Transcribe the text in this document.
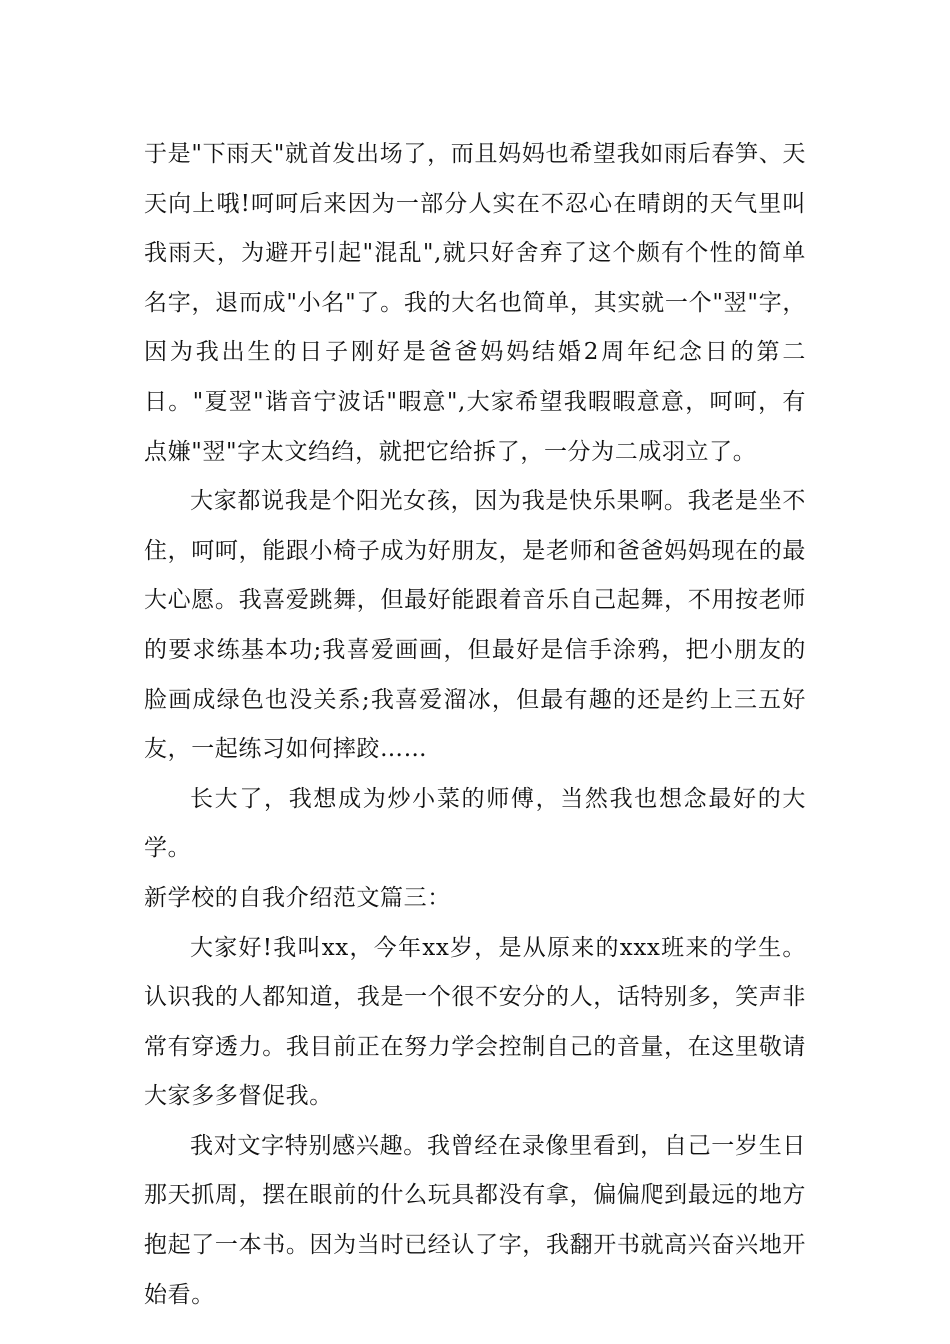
于是"下雨天"就首发出场了，而且妈妈也希望我如雨后春笋、天天向上哦!呵呵后来因为一部分人实在不忍心在晴朗的天气里叫我雨天，为避开引起"混乱",就只好舍弃了这个颇有个性的简单名字，退而成"小名"了。我的大名也简单，其实就一个"翌"字，因为我出生的日子刚好是爸爸妈妈结婚2周年纪念日的第二日。"夏翌"谐音宁波话"暇意",大家希望我暇暇意意，呵呵，有点嫌"翌"字太文绉绉，就把它给拆了，一分为二成羽立了。

大家都说我是个阳光女孩，因为我是快乐果啊。我老是坐不住，呵呵，能跟小椅子成为好朋友，是老师和爸爸妈妈现在的最大心愿。我喜爱跳舞，但最好能跟着音乐自己起舞，不用按老师的要求练基本功;我喜爱画画，但最好是信手涂鸦，把小朋友的脸画成绿色也没关系;我喜爱溜冰，但最有趣的还是约上三五好友，一起练习如何摔跤……

长大了，我想成为炒小菜的师傅，当然我也想念最好的大学。

新学校的自我介绍范文篇三：

大家好!我叫xx，今年xx岁，是从原来的xxx班来的学生。认识我的人都知道，我是一个很不安分的人，话特别多，笑声非常有穿透力。我目前正在努力学会控制自己的音量，在这里敬请大家多多督促我。

我对文字特别感兴趣。我曾经在录像里看到，自己一岁生日那天抓周，摆在眼前的什么玩具都没有拿，偏偏爬到最远的地方抱起了一本书。因为当时已经认了字，我翻开书就高兴奋兴地开始看。
